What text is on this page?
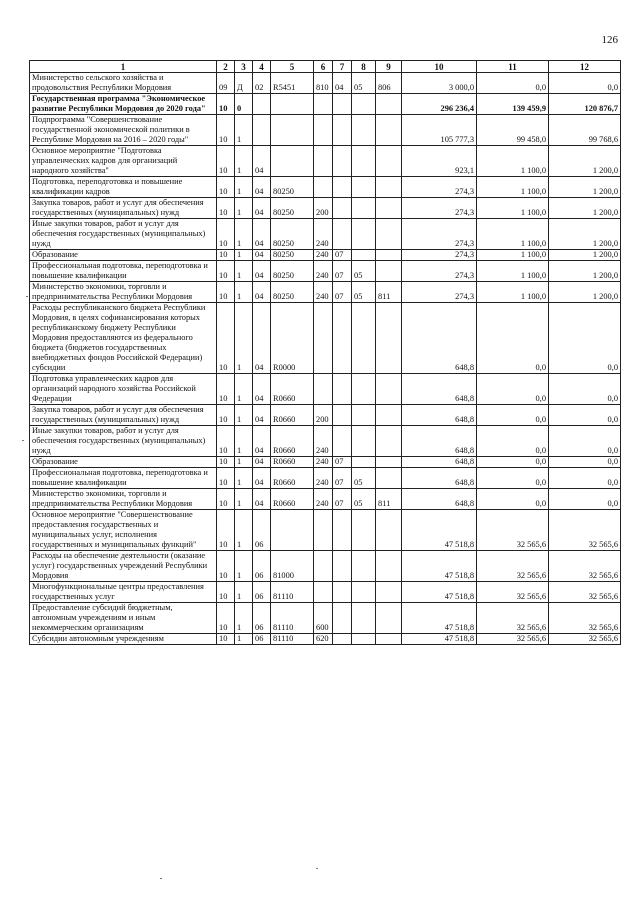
126
1	2	3	4	5	6	7	8	9	10	11	12
Министерство сельского хозяйства и продовольствия Республики Мордовия	09	Д	02	R5451	810	04	05	806	3 000,0	0,0	0,0
Государственная программа "Экономическое развитие Республики Мордовия до 2020 года"	10	0							296 236,4	139 459,9	120 876,7
Подпрограмма "Совершенствование государственной экономической политики в Республике Мордовия на 2016 – 2020 годы"	10	1							105 777,3	99 458,0	99 768,6
Основное мероприятие "Подготовка управленческих кадров для организаций народного хозяйства"	10	1	04						923,1	1 100,0	1 200,0
Подготовка, переподготовка и повышение квалификации кадров	10	1	04	80250					274,3	1 100,0	1 200,0
Закупка товаров, работ и услуг для обеспечения государственных (муниципальных) нужд	10	1	04	80250	200				274,3	1 100,0	1 200,0
Иные закупки товаров, работ и услуг для обеспечения государственных (муниципальных) нужд	10	1	04	80250	240				274,3	1 100,0	1 200,0
Образование	10	1	04	80250	240	07			274,3	1 100,0	1 200,0
Профессиональная подготовка, переподготовка и повышение квалификации	10	1	04	80250	240	07	05		274,3	1 100,0	1 200,0
Министерство экономики, торговли и предпринимательства Республики Мордовия	10	1	04	80250	240	07	05	811	274,3	1 100,0	1 200,0
Расходы республиканского бюджета Республики Мордовия, в целях софинансирования которых республиканскому бюджету Республики Мордовия предоставляются из федерального бюджета (бюджетов государственных внебюджетных фондов Российской Федерации) субсидии	10	1	04	R0000					648,8	0,0	0,0
Подготовка управленческих кадров для организаций народного хозяйства Российской Федерации	10	1	04	R0660					648,8	0,0	0,0
Закупка товаров, работ и услуг для обеспечения государственных (муниципальных) нужд	10	1	04	R0660	200				648,8	0,0	0,0
Иные закупки товаров, работ и услуг для обеспечения государственных (муниципальных) нужд	10	1	04	R0660	240				648,8	0,0	0,0
Образование	10	1	04	R0660	240	07			648,8	0,0	0,0
Профессиональная подготовка, переподготовка и повышение квалификации	10	1	04	R0660	240	07	05		648,8	0,0	0,0
Министерство экономики, торговли и предпринимательства Республики Мордовия	10	1	04	R0660	240	07	05	811	648,8	0,0	0,0
Основное мероприятие "Совершенствование предоставления государственных и муниципальных услуг, исполнения государственных и муниципальных функций"	10	1	06						47 518,8	32 565,6	32 565,6
Расходы на обеспечение деятельности (оказание услуг) государственных учреждений Республики Мордовия	10	1	06	81000					47 518,8	32 565,6	32 565,6
Многофункциональные центры предоставления государственных услуг	10	1	06	81110					47 518,8	32 565,6	32 565,6
Предоставление субсидий бюджетным, автономным учреждениям и иным некоммерческим организациям	10	1	06	81110	600				47 518,8	32 565,6	32 565,6
Субсидии автономным учреждениям	10	1	06	81110	620				47 518,8	32 565,6	32 565,6
